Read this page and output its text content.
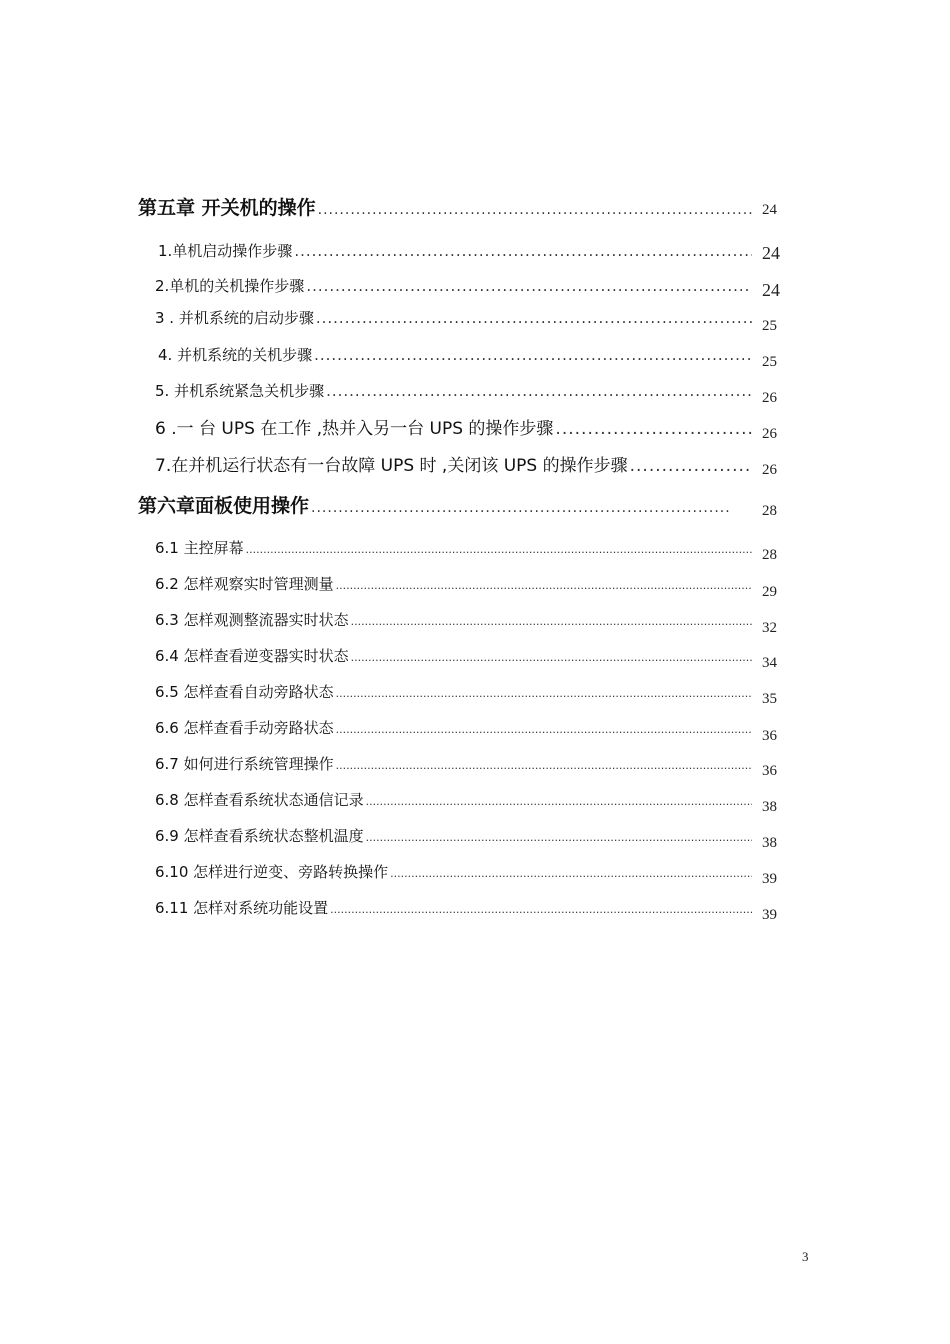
第五章 开关机的操作 .....	24
1.单机启动操作步骤 .....	24
2.单机的关机操作步骤 .....	24
3 . 并机系统的启动步骤 .....	25
4. 并机系统的关机步骤 .....	25
5. 并机系统紧急关机步骤 .....	26
6 .一 台 UPS 在工作 ,热并入另一台 UPS 的操作步骤 .....	26
7.在并机运行状态有一台故障 UPS 时 ,关闭该 UPS 的操作步骤 .....	26
第六章面板使用操作 .....	28
6.1 主控屏幕 .....	28
6.2 怎样观察实时管理测量 .....	29
6.3 怎样观测整流器实时状态 .....	32
6.4 怎样查看逆变器实时状态 .....	34
6.5 怎样查看自动旁路状态 .....	35
6.6 怎样查看手动旁路状态 .....	36
6.7 如何进行系统管理操作 .....	36
6.8 怎样查看系统状态通信记录 .....	38
6.9 怎样查看系统状态整机温度 .....	38
6.10 怎样进行逆变、旁路转换操作 .....	39
6.11 怎样对系统功能设置 .....	39
3
